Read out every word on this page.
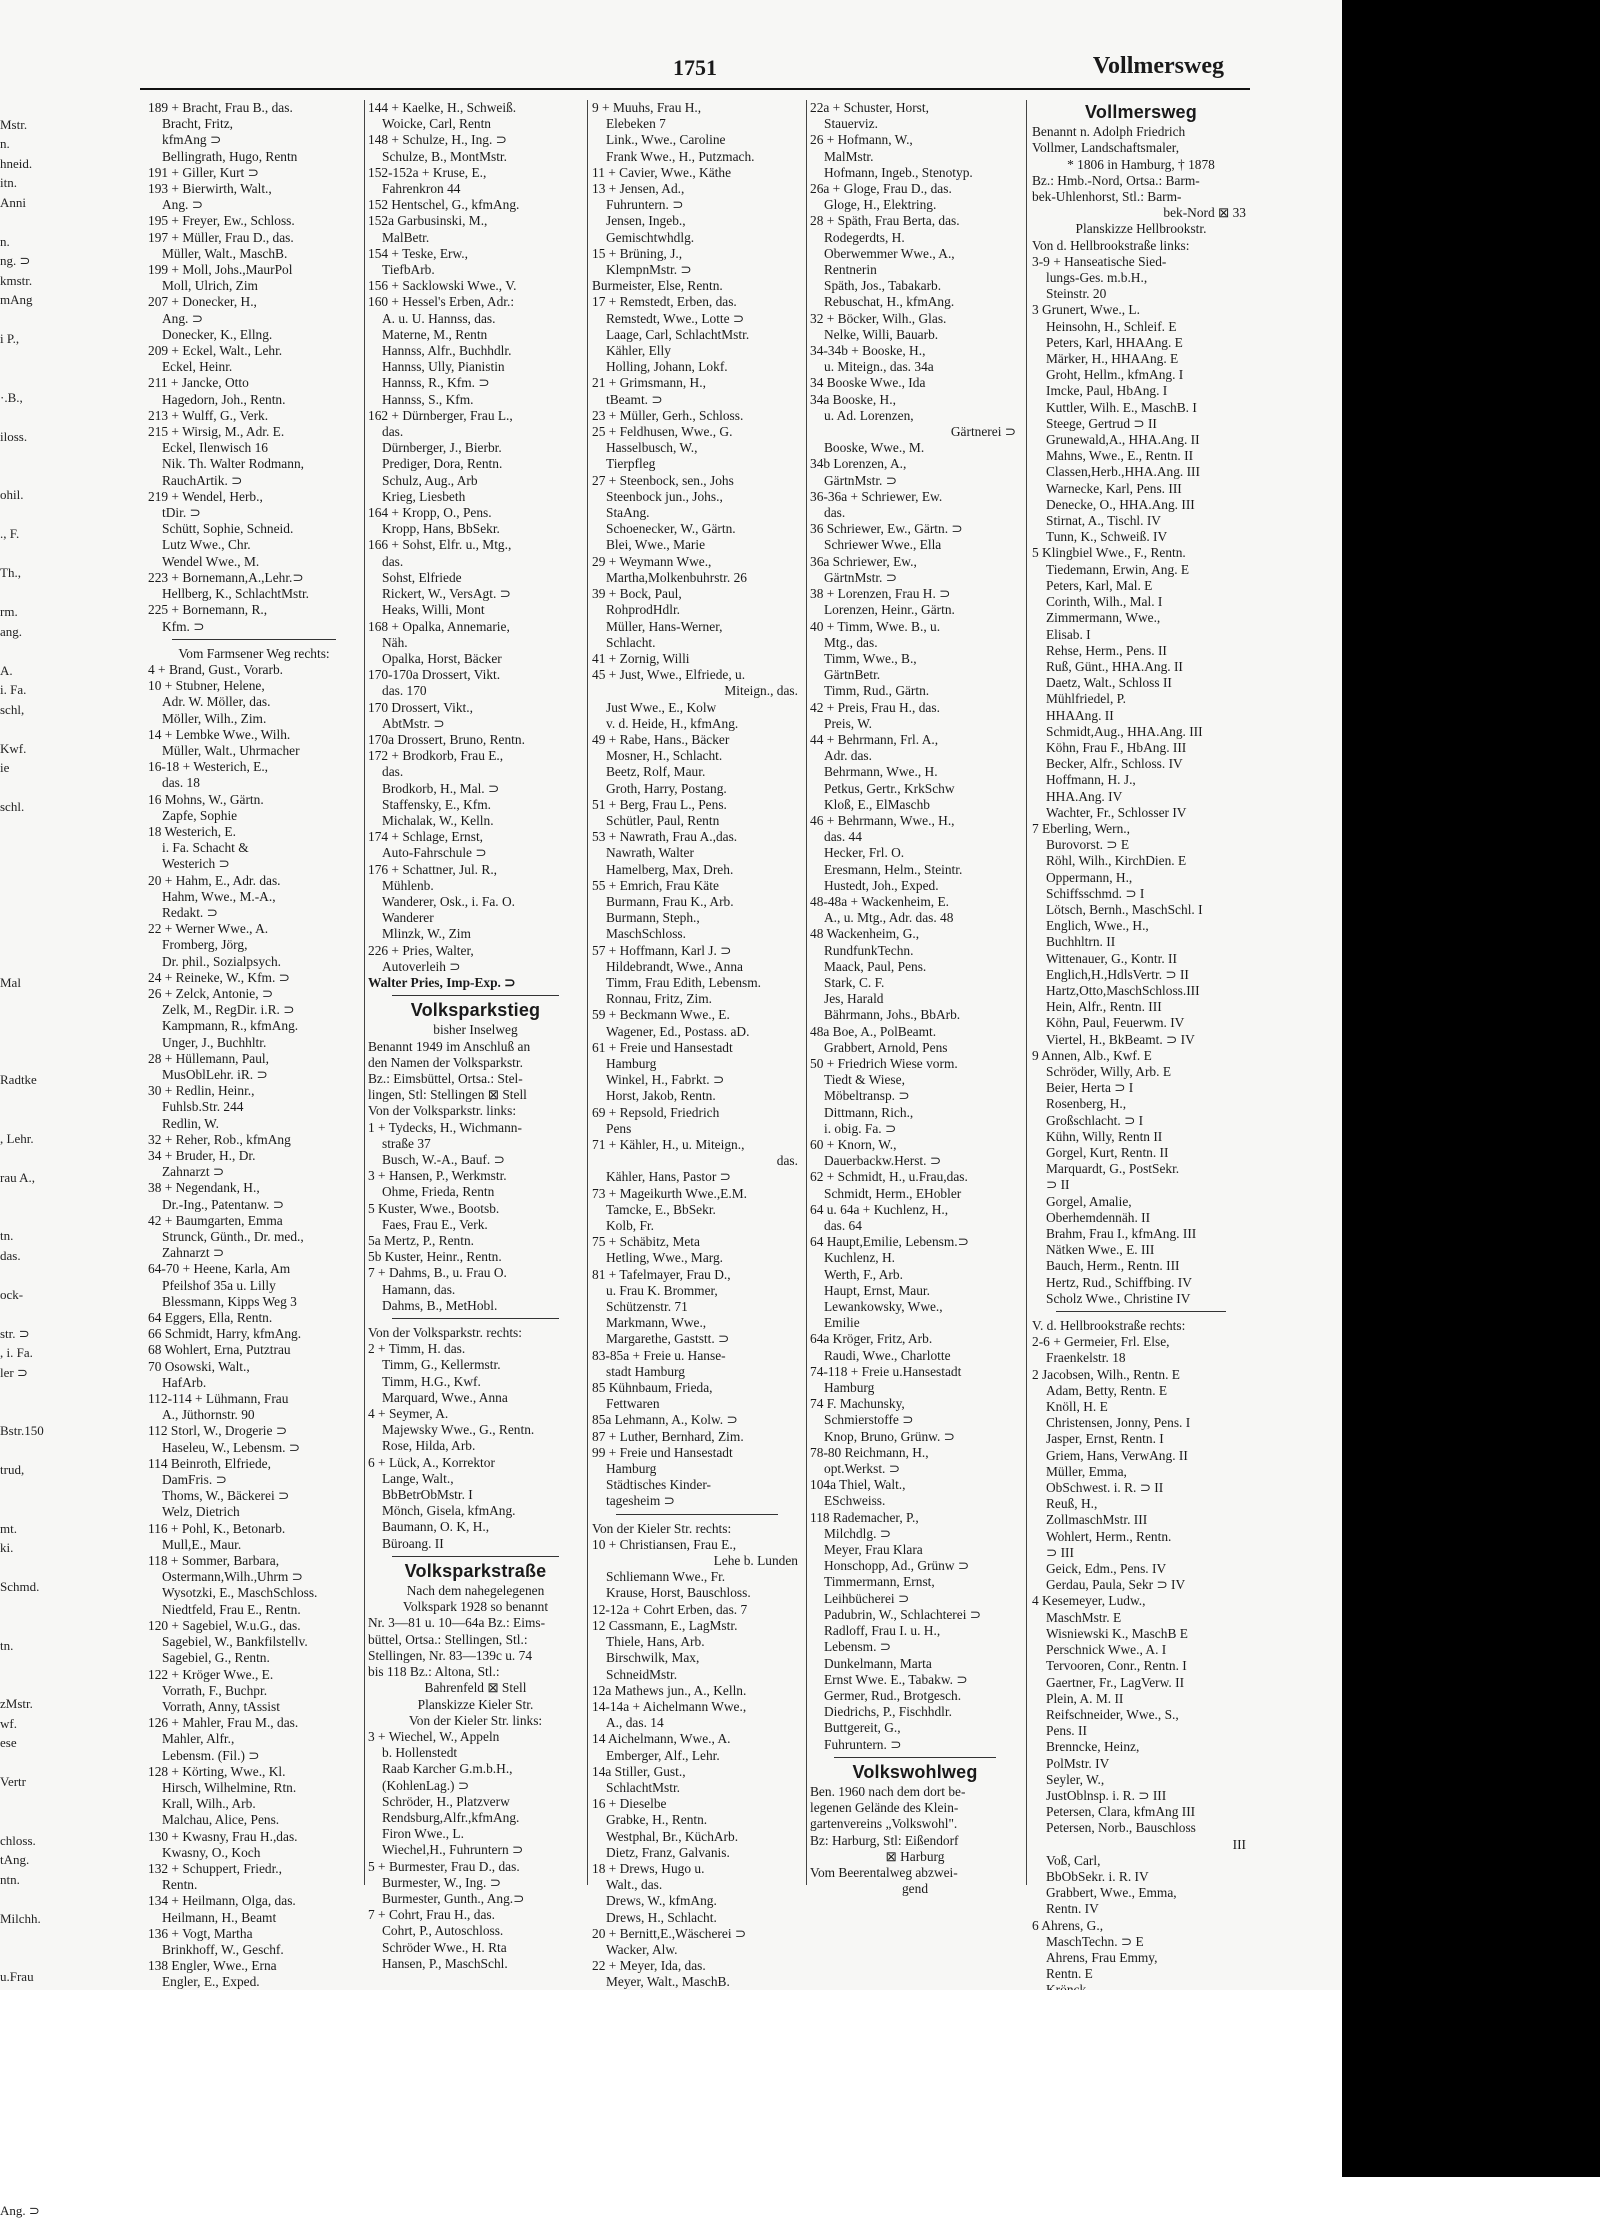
Mstr.
n.
hneid.
itn.
Anni

n.
ng. ⊃
kmstr.
mAng

i P.,

·.B.,

iloss.

ohil.

., F.

Th.,

rm.
ang.

A.
i. Fa.
schl,

Kwf.
ie

schl.

Mal

Radtke

, Lehr.

rau A.,

tn.
das.

ock-

str. ⊃
, i. Fa.
ler ⊃

Bstr.150

trud,

mt.
ki.

Schmd.

tn.

zMstr.
wf.
ese

Vertr

chloss.
tAng.
ntn.

Milchh.

u.Frau

Ang. ⊃
1751	Vollmersweg
189 + Bracht, Frau B., das.
Bracht, Fritz,
kfmAng ⊃
Bellingrath, Hugo, Rentn
191 + Giller, Kurt ⊃
193 + Bierwirth, Walt.,
Ang. ⊃
195 + Freyer, Ew., Schloss.
197 + Müller, Frau D., das.
Müller, Walt., MaschB.
199 + Moll, Johs.,MaurPol
Moll, Ulrich, Zim
207 + Donecker, H.,
Ang. ⊃
Donecker, K., Ellng.
209 + Eckel, Walt., Lehr.
Eckel, Heinr.
211 + Jancke, Otto
Hagedorn, Joh., Rentn.
213 + Wulff, G., Verk.
215 + Wirsig, M., Adr. E.
Eckel, Ilenwisch 16
Nik. Th. Walter Rodmann,
RauchArtik. ⊃
219 + Wendel, Herb.,
tDir. ⊃
Schütt, Sophie, Schneid.
Lutz Wwe., Chr.
Wendel Wwe., M.
223 + Bornemann,A.,Lehr.⊃
Hellberg, K., SchlachtMstr.
225 + Bornemann, R.,
Kfm. ⊃
Vom Farmsener Weg rechts:
4 + Brand, Gust., Vorarb.
10 + Stubner, Helene,
Adr. W. Möller, das.
Möller, Wilh., Zim.
14 + Lembke Wwe., Wilh.
Müller, Walt., Uhrmacher
16-18 + Westerich, E.,
das. 18
16 Mohns, W., Gärtn.
Zapfe, Sophie
18 Westerich, E.
i. Fa. Schacht &
Westerich ⊃
20 + Hahm, E., Adr. das.
Hahm, Wwe., M.-A.,
Redakt. ⊃
22 + Werner Wwe., A.
Fromberg, Jörg,
Dr. phil., Sozialpsych.
24 + Reineke, W., Kfm. ⊃
26 + Zelck, Antonie, ⊃
Zelk, M., RegDir. i.R. ⊃
Kampmann, R., kfmAng.
Unger, J., Buchhltr.
28 + Hüllemann, Paul,
MusOblLehr. iR. ⊃
30 + Redlin, Heinr.,
Fuhlsb.Str. 244
Redlin, W.
32 + Reher, Rob., kfmAng
34 + Bruder, H., Dr.
Zahnarzt ⊃
38 + Negendank, H.,
Dr.-Ing., Patentanw. ⊃
42 + Baumgarten, Emma
Strunck, Günth., Dr. med.,
Zahnarzt ⊃
64-70 + Heene, Karla, Am
Pfeilshof 35a u. Lilly
Blessmann, Kipps Weg 3
64 Eggers, Ella, Rentn.
66 Schmidt, Harry, kfmAng.
68 Wohlert, Erna, Putztrau
70 Osowski, Walt.,
HafArb.
112-114 + Lühmann, Frau
A., Jüthornstr. 90
112 Storl, W., Drogerie ⊃
Haseleu, W., Lebensm. ⊃
114 Beinroth, Elfriede,
DamFris. ⊃
Thoms, W., Bäckerei ⊃
Welz, Dietrich
116 + Pohl, K., Betonarb.
Mull,E., Maur.
118 + Sommer, Barbara,
Ostermann,Wilh.,Uhrm ⊃
Wysotzki, E., MaschSchloss.
Niedtfeld, Frau E., Rentn.
120 + Sagebiel, W.u.G., das.
Sagebiel, W., Bankfilstellv.
Sagebiel, G., Rentn.
122 + Kröger Wwe., E.
Vorrath, F., Buchpr.
Vorrath, Anny, tAssist
126 + Mahler, Frau M., das.
Mahler, Alfr.,
Lebensm. (Fil.) ⊃
128 + Körting, Wwe., Kl.
Hirsch, Wilhelmine, Rtn.
Krall, Wilh., Arb.
Malchau, Alice, Pens.
130 + Kwasny, Frau H.,das.
Kwasny, O., Koch
132 + Schuppert, Friedr.,
Rentn.
134 + Heilmann, Olga, das.
Heilmann, H., Beamt
136 + Vogt, Martha
Brinkhoff, W., Geschf.
138 Engler, Wwe., Erna
Engler, E., Exped.
144 + Kaelke, H., Schweiß.
Woicke, Carl, Rentn
148 + Schulze, H., Ing. ⊃
Schulze, B., MontMstr.
152-152a + Kruse, E.,
Fahrenkron 44
152 Hentschel, G., kfmAng.
152a Garbusinski, M.,
MalBetr.
154 + Teske, Erw.,
TiefbArb.
156 + Sacklowski Wwe., V.
160 + Hessel's Erben, Adr.:
A. u. U. Hannss, das.
Materne, M., Rentn
Hannss, Alfr., Buchhdlr.
Hannss, Ully, Pianistin
Hannss, R., Kfm. ⊃
Hannss, S., Kfm.
162 + Dürnberger, Frau L.,
das.
Dürnberger, J., Bierbr.
Prediger, Dora, Rentn.
Schulz, Aug., Arb
Krieg, Liesbeth
164 + Kropp, O., Pens.
Kropp, Hans, BbSekr.
166 + Sohst, Elfr. u., Mtg.,
das.
Sohst, Elfriede
Rickert, W., VersAgt. ⊃
Heaks, Willi, Mont
168 + Opalka, Annemarie,
Näh.
Opalka, Horst, Bäcker
170-170a Drossert, Vikt.
das. 170
170 Drossert, Vikt.,
AbtMstr. ⊃
170a Drossert, Bruno, Rentn.
172 + Brodkorb, Frau E.,
das.
Brodkorb, H., Mal. ⊃
Staffensky, E., Kfm.
Michalak, W., Kelln.
174 + Schlage, Ernst,
Auto-Fahrschule ⊃
176 + Schattner, Jul. R.,
Mühlenb.
Wanderer, Osk., i. Fa. O.
Wanderer
Mlinzk, W., Zim
226 + Pries, Walter,
Autoverleih ⊃
Walter Pries, Imp-Exp. ⊃
Volksparkstieg
bisher Inselweg
Benannt 1949 im Anschluß an
den Namen der Volksparkstr.
Bz.: Eimsbüttel, Ortsa.: Stel-
lingen, Stl: Stellingen ⊠ Stell
Von der Volksparkstr. links:
1 + Tydecks, H., Wichmann-
straße 37
Busch, W.-A., Bauf. ⊃
3 + Hansen, P., Werkmstr.
Ohme, Frieda, Rentn
5 Kuster, Wwe., Bootsb.
Faes, Frau E., Verk.
5a Mertz, P., Rentn.
5b Kuster, Heinr., Rentn.
7 + Dahms, B., u. Frau O.
Hamann, das.
Dahms, B., MetHobl.
Von der Volksparkstr. rechts:
2 + Timm, H. das.
Timm, G., Kellermstr.
Timm, H.G., Kwf.
Marquard, Wwe., Anna
4 + Seymer, A.
Majewsky Wwe., G., Rentn.
Rose, Hilda, Arb.
6 + Lück, A., Korrektor
Lange, Walt.,
BbBetrObMstr. I
Mönch, Gisela, kfmAng.
Baumann, O. K, H.,
Büroang. II
Volksparkstraße
Nach dem nahegelegenen
Volkspark 1928 so benannt
Nr. 3—81 u. 10—64a Bz.: Eims-
büttel, Ortsa.: Stellingen, Stl.:
Stellingen, Nr. 83—139c u. 74
bis 118 Bz.: Altona, Stl.:
Bahrenfeld ⊠ Stell
Planskizze Kieler Str.
Von der Kieler Str. links:
3 + Wiechel, W., Appeln
b. Hollenstedt
Raab Karcher G.m.b.H.,
(KohlenLag.) ⊃
Schröder, H., Platzverw
Rendsburg,Alfr.,kfmAng.
Firon Wwe., L.
Wiechel,H., Fuhruntern ⊃
5 + Burmester, Frau D., das.
Burmester, W., Ing. ⊃
Burmester, Gunth., Ang.⊃
7 + Cohrt, Frau H., das.
Cohrt, P., Autoschloss.
Schröder Wwe., H. Rta
Hansen, P., MaschSchl.
9 + Muuhs, Frau H.,
Elebeken 7
Link., Wwe., Caroline
Frank Wwe., H., Putzmach.
11 + Cavier, Wwe., Käthe
13 + Jensen, Ad.,
Fuhruntern. ⊃
Jensen, Ingeb.,
Gemischtwhdlg.
15 + Brüning, J.,
KlempnMstr. ⊃
Burmeister, Else, Rentn.
17 + Remstedt, Erben, das.
Remstedt, Wwe., Lotte ⊃
Laage, Carl, SchlachtMstr.
Kähler, Elly
Holling, Johann, Lokf.
21 + Grimsmann, H.,
tBeamt. ⊃
23 + Müller, Gerh., Schloss.
25 + Feldhusen, Wwe., G.
Hasselbusch, W.,
Tierpfleg
27 + Steenbock, sen., Johs
Steenbock jun., Johs.,
StaAng.
Schoenecker, W., Gärtn.
Blei, Wwe., Marie
29 + Weymann Wwe.,
Martha,Molkenbuhrstr. 26
39 + Bock, Paul,
RohprodHdlr.
Müller, Hans-Werner,
Schlacht.
41 + Zornig, Willi
45 + Just, Wwe., Elfriede, u.
Miteign., das.
Just Wwe., E., Kolw
v. d. Heide, H., kfmAng.
49 + Rabe, Hans., Bäcker
Mosner, H., Schlacht.
Beetz, Rolf, Maur.
Groth, Harry, Postang.
51 + Berg, Frau L., Pens.
Schütler, Paul, Rentn
53 + Nawrath, Frau A.,das.
Nawrath, Walter
Hamelberg, Max, Dreh.
55 + Emrich, Frau Käte
Burmann, Frau K., Arb.
Burmann, Steph.,
MaschSchloss.
57 + Hoffmann, Karl J. ⊃
Hildebrandt, Wwe., Anna
Timm, Frau Edith, Lebensm.
Ronnau, Fritz, Zim.
59 + Beckmann Wwe., E.
Wagener, Ed., Postass. aD.
61 + Freie und Hansestadt
Hamburg
Winkel, H., Fabrkt. ⊃
Horst, Jakob, Rentn.
69 + Repsold, Friedrich
Pens
71 + Kähler, H., u. Miteign.,
das.
Kähler, Hans, Pastor ⊃
73 + Mageikurth Wwe.,E.M.
Tamcke, E., BbSekr.
Kolb, Fr.
75 + Schäbitz, Meta
Hetling, Wwe., Marg.
81 + Tafelmayer, Frau D.,
u. Frau K. Brommer,
Schützenstr. 71
Markmann, Wwe.,
Margarethe, Gaststt. ⊃
83-85a + Freie u. Hanse-
stadt Hamburg
85 Kühnbaum, Frieda,
Fettwaren
85a Lehmann, A., Kolw. ⊃
87 + Luther, Bernhard, Zim.
99 + Freie und Hansestadt
Hamburg
Städtisches Kinder-
tagesheim ⊃
Von der Kieler Str. rechts:
10 + Christiansen, Frau E.,
Lehe b. Lunden
Schliemann Wwe., Fr.
Krause, Horst, Bauschloss.
12-12a + Cohrt Erben, das. 7
12 Cassmann, E., LagMstr.
Thiele, Hans, Arb.
Birschwilk, Max,
SchneidMstr.
12a Mathews jun., A., Kelln.
14-14a + Aichelmann Wwe.,
A., das. 14
14 Aichelmann, Wwe., A.
Emberger, Alf., Lehr.
14a Stiller, Gust.,
SchlachtMstr.
16 + Dieselbe
Grabke, H., Rentn.
Westphal, Br., KüchArb.
Dietz, Franz, Galvanis.
18 + Drews, Hugo u.
Walt., das.
Drews, W., kfmAng.
Drews, H., Schlacht.
20 + Bernitt,E.,Wäscherei ⊃
Wacker, Alw.
22 + Meyer, Ida, das.
Meyer, Walt., MaschB.
22a + Schuster, Horst,
Stauerviz.
26 + Hofmann, W.,
MalMstr.
Hofmann, Ingeb., Stenotyp.
26a + Gloge, Frau D., das.
Gloge, H., Elektring.
28 + Späth, Frau Berta, das.
Rodegerdts, H.
Oberwemmer Wwe., A.,
Rentnerin
Späth, Jos., Tabakarb.
Rebuschat, H., kfmAng.
32 + Böcker, Wilh., Glas.
Nelke, Willi, Bauarb.
34-34b + Booske, H.,
u. Miteign., das. 34a
34 Booske Wwe., Ida
34a Booske, H.,
u. Ad. Lorenzen,
Gärtnerei ⊃
Booske, Wwe., M.
34b Lorenzen, A.,
GärtnMstr. ⊃
36-36a + Schriewer, Ew.
das.
36 Schriewer, Ew., Gärtn. ⊃
Schriewer Wwe., Ella
36a Schriewer, Ew.,
GärtnMstr. ⊃
38 + Lorenzen, Frau H. ⊃
Lorenzen, Heinr., Gärtn.
40 + Timm, Wwe. B., u.
Mtg., das.
Timm, Wwe., B.,
GärtnBetr.
Timm, Rud., Gärtn.
42 + Preis, Frau H., das.
Preis, W.
44 + Behrmann, Frl. A.,
Adr. das.
Behrmann, Wwe., H.
Petkus, Gertr., KrkSchw
Kloß, E., ElMaschb
46 + Behrmann, Wwe., H.,
das. 44
Hecker, Frl. O.
Eresmann, Helm., Steintr.
Hustedt, Joh., Exped.
48-48a + Wackenheim, E.
A., u. Mtg., Adr. das. 48
48 Wackenheim, G.,
RundfunkTechn.
Maack, Paul, Pens.
Stark, C. F.
Jes, Harald
Bährmann, Johs., BbArb.
48a Boe, A., PolBeamt.
Grabbert, Arnold, Pens
50 + Friedrich Wiese vorm.
Tiedt & Wiese,
Möbeltransp. ⊃
Dittmann, Rich.,
i. obig. Fa. ⊃
60 + Knorn, W.,
Dauerbackw.Herst. ⊃
62 + Schmidt, H., u.Frau,das.
Schmidt, Herm., EHobler
64 u. 64a + Kuchlenz, H.,
das. 64
64 Haupt,Emilie, Lebensm.⊃
Kuchlenz, H.
Werth, F., Arb.
Haupt, Ernst, Maur.
Lewankowsky, Wwe.,
Emilie
64a Kröger, Fritz, Arb.
Raudi, Wwe., Charlotte
74-118 + Freie u.Hansestadt
Hamburg
74 F. Machunsky,
Schmierstoffe ⊃
Knop, Bruno, Grünw. ⊃
78-80 Reichmann, H.,
opt.Werkst. ⊃
104a Thiel, Walt.,
ESchweiss.
118 Rademacher, P.,
Milchdlg. ⊃
Meyer, Frau Klara
Honschopp, Ad., Grünw ⊃
Timmermann, Ernst,
Leihbücherei ⊃
Padubrin, W., Schlachterei ⊃
Radloff, Frau I. u. H.,
Lebensm. ⊃
Dunkelmann, Marta
Ernst Wwe. E., Tabakw. ⊃
Germer, Rud., Brotgesch.
Diedrichs, P., Fischhdlr.
Buttgereit, G.,
Fuhruntern. ⊃
Volkswohlweg
Ben. 1960 nach dem dort be-
legenen Gelände des Klein-
gartenvereins „Volkswohl".
Bz: Harburg, Stl: Eißendorf
⊠ Harburg
Vom Beerentalweg abzwei-
gend
Vollmersweg
Benannt n. Adolph Friedrich
Vollmer, Landschaftsmaler,
* 1806 in Hamburg, † 1878
Bz.: Hmb.-Nord, Ortsa.: Barm-
bek-Uhlenhorst, Stl.: Barm-
bek-Nord ⊠ 33
Planskizze Hellbrookstr.
Von d. Hellbrookstraße links:
3-9 + Hanseatische Sied-
lungs-Ges. m.b.H.,
Steinstr. 20
3 Grunert, Wwe., L.
Heinsohn, H., Schleif. E
Peters, Karl, HHAAng. E
Märker, H., HHAAng. E
Groht, Hellm., kfmAng. I
Imcke, Paul, HbAng. I
Kuttler, Wilh. E., MaschB. I
Steege, Gertrud ⊃ II
Grunewald,A., HHA.Ang. II
Mahns, Wwe., E., Rentn. II
Classen,Herb.,HHA.Ang. III
Warnecke, Karl, Pens. III
Denecke, O., HHA.Ang. III
Stirnat, A., Tischl. IV
Tunn, K., Schweiß. IV
5 Klingbiel Wwe., F., Rentn.
Tiedemann, Erwin, Ang. E
Peters, Karl, Mal. E
Corinth, Wilh., Mal. I
Zimmermann, Wwe.,
Elisab. I
Rehse, Herm., Pens. II
Ruß, Günt., HHA.Ang. II
Daetz, Walt., Schloss II
Mühlfriedel, P.
HHAAng. II
Schmidt,Aug., HHA.Ang. III
Köhn, Frau F., HbAng. III
Becker, Alfr., Schloss. IV
Hoffmann, H. J.,
HHA.Ang. IV
Wachter, Fr., Schlosser IV
7 Eberling, Wern.,
Burovorst. ⊃ E
Röhl, Wilh., KirchDien. E
Oppermann, H.,
Schiffsschmd. ⊃ I
Lötsch, Bernh., MaschSchl. I
Englich, Wwe., H.,
Buchhltrn. II
Wittenauer, G., Kontr. II
Englich,H.,HdlsVertr. ⊃ II
Hartz,Otto,MaschSchloss.III
Hein, Alfr., Rentn. III
Köhn, Paul, Feuerwm. IV
Viertel, H., BkBeamt. ⊃ IV
9 Annen, Alb., Kwf. E
Schröder, Willy, Arb. E
Beier, Herta ⊃ I
Rosenberg, H.,
Großschlacht. ⊃ I
Kühn, Willy, Rentn II
Gorgel, Kurt, Rentn. II
Marquardt, G., PostSekr.
⊃ II
Gorgel, Amalie,
Oberhemdennäh. II
Brahm, Frau I., kfmAng. III
Nätken Wwe., E. III
Bauch, Herm., Rentn. III
Hertz, Rud., Schiffbing. IV
Scholz Wwe., Christine IV
V. d. Hellbrookstraße rechts:
2-6 + Germeier, Frl. Else,
Fraenkelstr. 18
2 Jacobsen, Wilh., Rentn. E
Adam, Betty, Rentn. E
Knöll, H. E
Christensen, Jonny, Pens. I
Jasper, Ernst, Rentn. I
Griem, Hans, VerwAng. II
Müller, Emma,
ObSchwest. i. R. ⊃ II
Reuß, H.,
ZollmaschMstr. III
Wohlert, Herm., Rentn.
⊃ III
Geick, Edm., Pens. IV
Gerdau, Paula, Sekr ⊃ IV
4 Kesemeyer, Ludw.,
MaschMstr. E
Wisniewski K., MaschB E
Perschnick Wwe., A. I
Tervooren, Conr., Rentn. I
Gaertner, Fr., LagVerw. II
Plein, A. M. II
Reifschneider, Wwe., S.,
Pens. II
Brenncke, Heinz,
PolMstr. IV
Seyler, W.,
JustOblnsp. i. R. ⊃ III
Petersen, Clara, kfmAng III
Petersen, Norb., Bauschloss
III
Voß, Carl,
BbObSekr. i. R. IV
Grabbert, Wwe., Emma,
Rentn. IV
6 Ahrens, G.,
MaschTechn. ⊃ E
Ahrens, Frau Emmy,
Rentn. E
